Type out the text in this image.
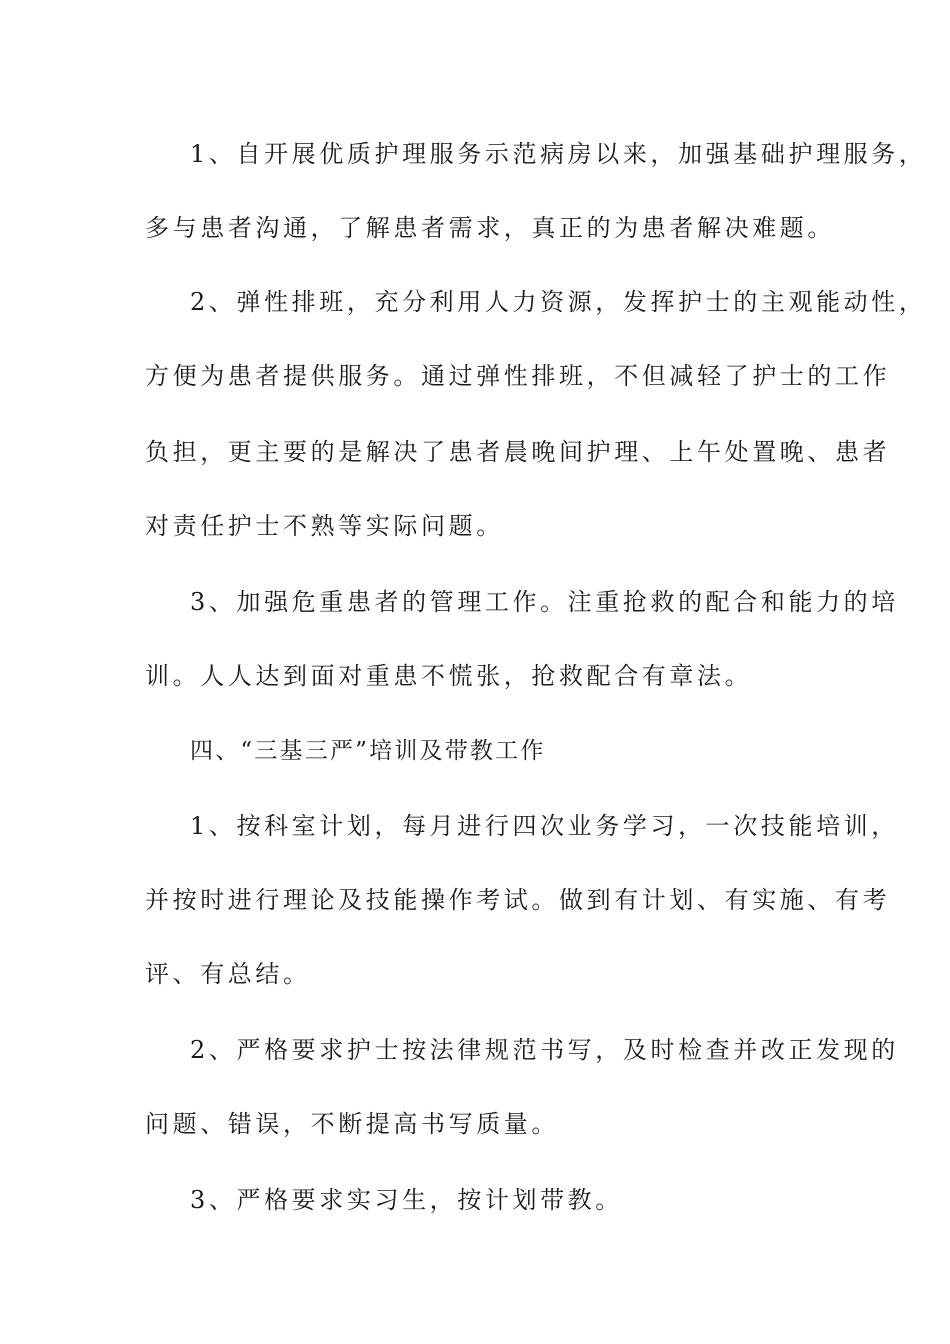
1、自开展优质护理服务示范病房以来，加强基础护理服务，
多与患者沟通，了解患者需求，真正的为患者解决难题。
2、弹性排班，充分利用人力资源，发挥护士的主观能动性，
方便为患者提供服务。通过弹性排班，不但减轻了护士的工作
负担，更主要的是解决了患者晨晚间护理、上午处置晚、患者
对责任护士不熟等实际问题。
3、加强危重患者的管理工作。注重抢救的配合和能力的培
训。人人达到面对重患不慌张，抢救配合有章法。
四、“三基三严”培训及带教工作
1、按科室计划，每月进行四次业务学习，一次技能培训，
并按时进行理论及技能操作考试。做到有计划、有实施、有考
评、有总结。
2、严格要求护士按法律规范书写，及时检查并改正发现的
问题、错误，不断提高书写质量。
3、严格要求实习生，按计划带教。
